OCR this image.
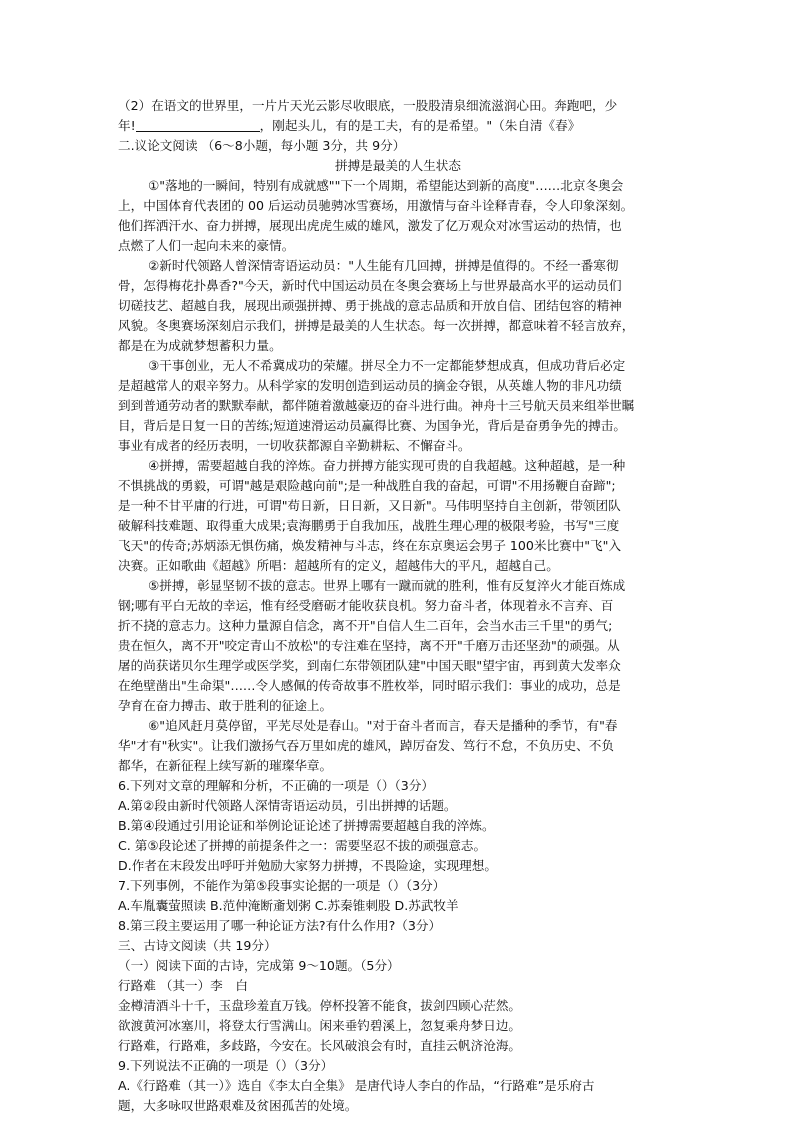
（2）在语文的世界里，一片片天光云影尽收眼底，一股股清泉细流滋润心田。奔跑吧，少
年!	，刚起头儿，有的是工夫，有的是希望。"（朱自清《春》
二.议论文阅读 （6～8小题，每小题 3分，共 9分）
拼搏是最美的人生状态
①"落地的一瞬间，特别有成就感""下一个周期，希望能达到新的高度"……北京冬奥会
上，中国体育代表团的 00 后运动员驰骋冰雪赛场，用激情与奋斗诠释青春，令人印象深刻。
他们挥洒汗水、奋力拼搏，展现出虎虎生威的雄风，激发了亿万观众对冰雪运动的热情，也
点燃了人们一起向未来的豪情。
②新时代领路人曾深情寄语运动员："人生能有几回搏，拼搏是值得的。不经一番寒彻
骨，怎得梅花扑鼻香?"今天，新时代中国运动员在冬奥会赛场上与世界最高水平的运动员们
切磋技艺、超越自我，展现出顽强拼搏、勇于挑战的意志品质和开放自信、团结包容的精神
风貌。冬奥赛场深刻启示我们，拼搏是最美的人生状态。每一次拼搏，都意味着不轻言放弃，
都是在为成就梦想蓄积力量。
③干事创业，无人不希冀成功的荣耀。拼尽全力不一定都能梦想成真，但成功背后必定
是超越常人的艰辛努力。从科学家的发明创造到运动员的摘金夺银，从英雄人物的非凡功绩
到到普通劳动者的默默奉献，都伴随着激越豪迈的奋斗进行曲。神舟十三号航天员来组举世瞩
目，背后是日复一日的苦练;短道速滑运动员赢得比赛、为国争光，背后是奋勇争先的搏击。
事业有成者的经历表明，一切收获都源自辛勤耕耘、不懈奋斗。
④拼搏，需要超越自我的淬炼。奋力拼搏方能实现可贵的自我超越。这种超越，是一种
不惧挑战的勇毅，可谓"越是艰险越向前";是一种战胜自我的奋起，可谓"不用扬鞭自奋蹄";
是一种不甘平庸的行进，可谓"苟日新，日日新，又日新"。马伟明坚持自主创新，带领团队
破解科技难题、取得重大成果;袁海鹏勇于自我加压，战胜生理心理的极限考验，书写"三度
飞天"的传奇;苏炳添无惧伤痛，焕发精神与斗志，终在东京奥运会男子 100米比赛中"飞"入
决赛。正如歌曲《超越》所唱：超越所有的定义，超越伟大的平凡，超越自己。
⑤拼搏，彰显坚韧不拔的意志。世界上哪有一蹴而就的胜利，惟有反复淬火才能百炼成
钢;哪有平白无故的幸运，惟有经受磨砺才能收获良机。努力奋斗者，体现着永不言弃、百
折不挠的意志力。这种力量源自信念，离不开"自信人生二百年，会当水击三千里"的勇气;
贵在恒久，离不开"咬定青山不放松"的专注难在坚持，离不开"千磨万击还坚劲"的顽强。从
屠的尚获诺贝尔生理学或医学奖，到南仁东带领团队建"中国天眼"望宇宙，再到黄大发率众
在绝壁凿出"生命渠"……令人感佩的传奇故事不胜枚举，同时昭示我们：事业的成功，总是
孕育在奋力搏击、敢于胜利的征途上。
⑥"追风赶月莫停留，平芜尽处是春山。"对于奋斗者而言，春天是播种的季节，有"春
华"才有"秋实"。让我们激扬气吞万里如虎的雄风，踔厉奋发、笃行不怠，不负历史、不负
都华，在新征程上续写新的璀璨华章。
6.下列对文章的理解和分析，不正确的一项是（）（3分）
A.第②段由新时代领路人深情寄语运动员，引出拼搏的话题。
B.第④段通过引用论证和举例论证论述了拼搏需要超越自我的淬炼。
C. 第⑤段论述了拼搏的前提条件之一：需要坚忍不拔的顽强意志。
D.作者在末段发出呼吁并勉励大家努力拼搏，不畏险途，实现理想。
7.下列事例，不能作为第⑤段事实论据的一项是（）（3分）
A.车胤囊萤照读 B.范仲淹断齑划粥 C.苏秦锥刺股 D.苏武牧羊
8.第三段主要运用了哪一种论证方法?有什么作用?（3分）
三、古诗文阅读（共 19分）
（一）阅读下面的古诗，完成第 9～10题。（5分）
行路难 （其一）李　白
金樽清酒斗十千，玉盘珍羞直万钱。停杯投箸不能食，拔剑四顾心茫然。
欲渡黄河冰塞川，将登太行雪满山。闲来垂钓碧溪上，忽复乘舟梦日边。
行路难，行路难，多歧路，今安在。长风破浪会有时，直挂云帆济沧海。
9.下列说法不正确的一项是（）（3分）
A.《行路难（其一）》选自《李太白全集》 是唐代诗人李白的作品，“行路难”是乐府古
题，大多咏叹世路艰难及贫困孤苦的处境。
